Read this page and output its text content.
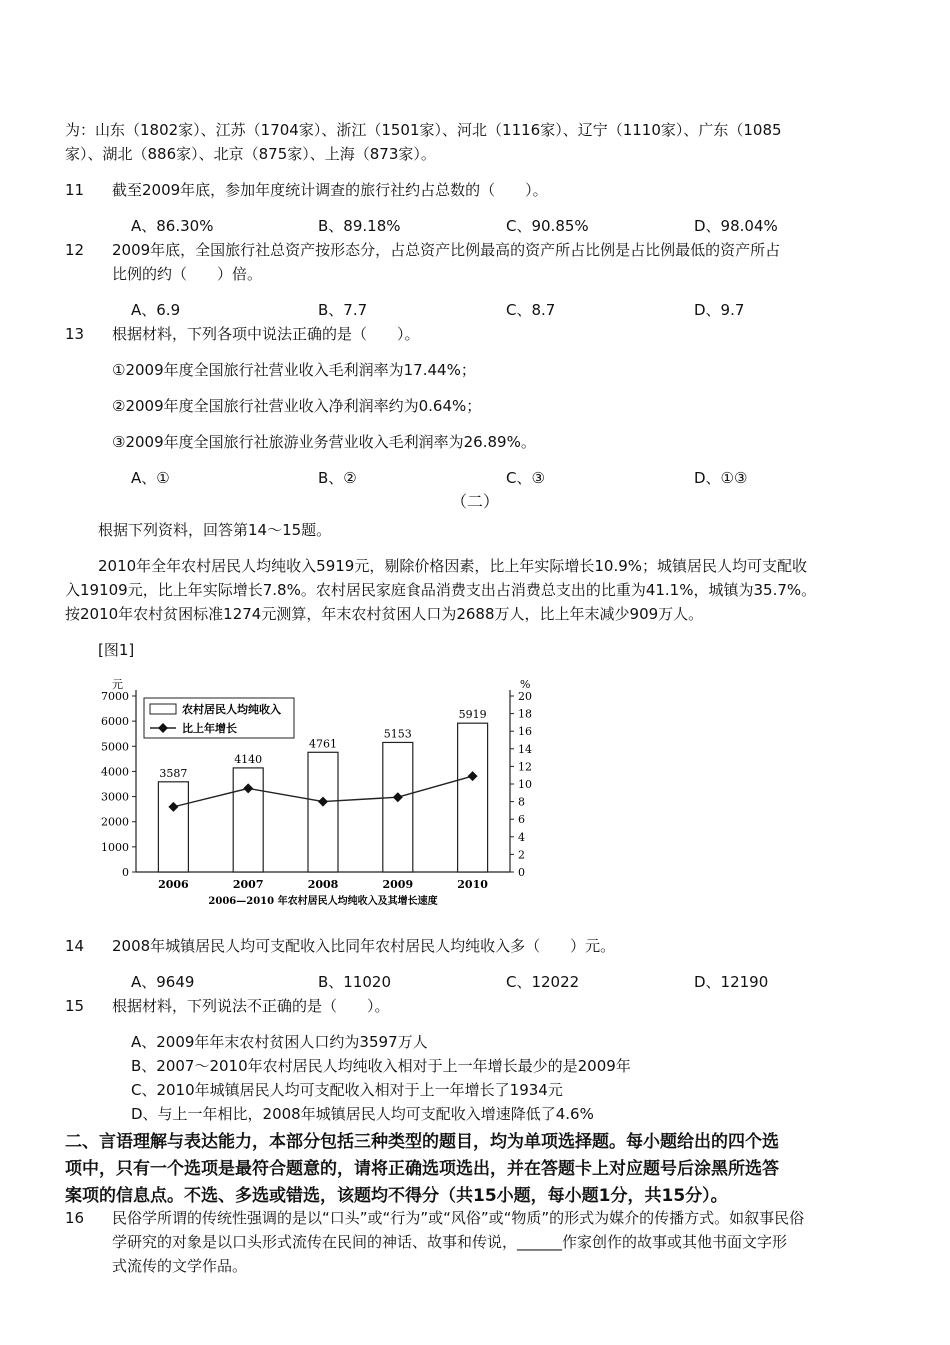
为：山东（1802家）、江苏（1704家）、浙江（1501家）、河北（1116家）、辽宁（1110家）、广东（1085
家）、湖北（886家）、北京（875家）、上海（873家）。
11 截至2009年底，参加年度统计调查的旅行社约占总数的（　　）。
A、86.30%	B、89.18%	C、90.85%	D、98.04%
12 2009年底，全国旅行社总资产按形态分，占总资产比例最高的资产所占比例是占比例最低的资产所占
比例的约（　　）倍。
A、6.9	B、7.7	C、8.7	D、9.7
13 根据材料，下列各项中说法正确的是（　　）。
①2009年度全国旅行社营业收入毛利润率为17.44%；
②2009年度全国旅行社营业收入净利润率约为0.64%；
③2009年度全国旅行社旅游业务营业收入毛利润率为26.89%。
A、①	B、②	C、③	D、①③
（二）
根据下列资料，回答第14～15题。
2010年全年农村居民人均纯收入5919元，剔除价格因素，比上年实际增长10.9%；城镇居民人均可支配收
入19109元，比上年实际增长7.8%。农村居民家庭食品消费支出占消费总支出的比重为41.1%，城镇为35.7%。
按2010年农村贫困标准1274元测算，年末农村贫困人口为2688万人，比上年末减少909万人。
[图1]
元	%
0
1000
2000
3000
4000
5000
6000
7000
0
2
4
6
8
10
12
14
16
18
20
3587
2006
4140
2007
4761
2008
5153
2009
5919
2010
农村居民人均纯收入
比上年增长
2006—2010 年农村居民人均纯收入及其增长速度
14 2008年城镇居民人均可支配收入比同年农村居民人均纯收入多（　　）元。
A、9649	B、11020	C、12022	D、12190
15 根据材料，下列说法不正确的是（　　）。
A、2009年年末农村贫困人口约为3597万人
B、2007～2010年农村居民人均纯收入相对于上一年增长最少的是2009年
C、2010年城镇居民人均可支配收入相对于上一年增长了1934元
D、与上一年相比，2008年城镇居民人均可支配收入增速降低了4.6%
二、言语理解与表达能力，本部分包括三种类型的题目，均为单项选择题。每小题给出的四个选
项中，只有一个选项是最符合题意的，请将正确选项选出，并在答题卡上对应题号后涂黑所选答
案项的信息点。不选、多选或错选，该题均不得分（共15小题，每小题1分，共15分）。
16 民俗学所谓的传统性强调的是以“口头”或“行为”或“风俗”或“物质”的形式为媒介的传播方式。如叙事民俗
学研究的对象是以口头形式流传在民间的神话、故事和传说，______作家创作的故事或其他书面文字形
式流传的文学作品。
